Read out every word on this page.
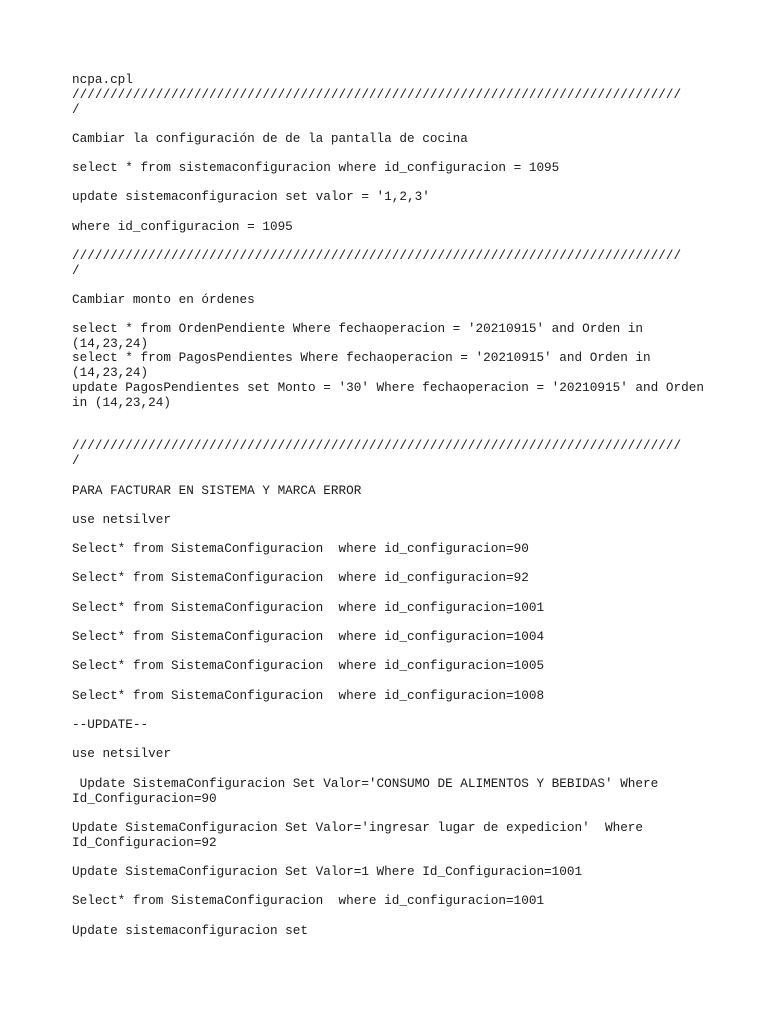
ncpa.cpl

////////////////////////////////////////////////////////////////////////////////

/

Cambiar la configuración de de la pantalla de cocina

select * from sistemaconfiguracion where id_configuracion = 1095

update sistemaconfiguracion set valor = '1,2,3'

where id_configuracion = 1095

////////////////////////////////////////////////////////////////////////////////

/

Cambiar monto en órdenes

select * from OrdenPendiente Where fechaoperacion = '20210915' and Orden in

(14,23,24)

select * from PagosPendientes Where fechaoperacion = '20210915' and Orden in

(14,23,24)

update PagosPendientes set Monto = '30' Where fechaoperacion = '20210915' and Orden

in (14,23,24)

////////////////////////////////////////////////////////////////////////////////

/

PARA FACTURAR EN SISTEMA Y MARCA ERROR

use netsilver

Select* from SistemaConfiguracion  where id_configuracion=90

Select* from SistemaConfiguracion  where id_configuracion=92

Select* from SistemaConfiguracion  where id_configuracion=1001

Select* from SistemaConfiguracion  where id_configuracion=1004

Select* from SistemaConfiguracion  where id_configuracion=1005

Select* from SistemaConfiguracion  where id_configuracion=1008

--UPDATE--

use netsilver

Update SistemaConfiguracion Set Valor='CONSUMO DE ALIMENTOS Y BEBIDAS' Where

Id_Configuracion=90

Update SistemaConfiguracion Set Valor='ingresar lugar de expedicion'  Where

Id_Configuracion=92

Update SistemaConfiguracion Set Valor=1 Where Id_Configuracion=1001

Select* from SistemaConfiguracion  where id_configuracion=1001

Update sistemaconfiguracion set
